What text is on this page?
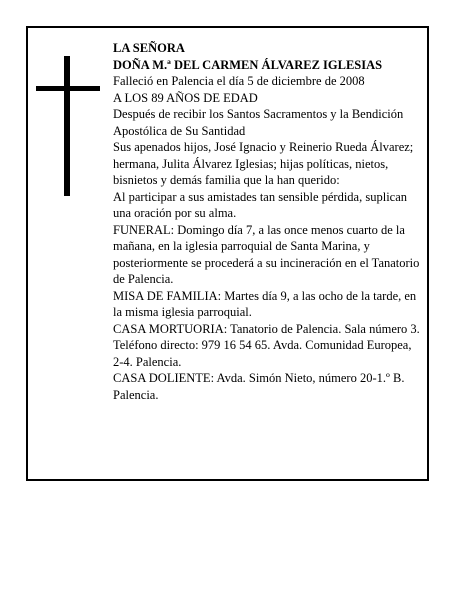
LA SEÑORA

DOÑA M.ª DEL CARMEN ÁLVAREZ IGLESIAS

Falleció en Palencia el día 5 de diciembre de 2008

A LOS 89 AÑOS DE EDAD

Después de recibir los Santos Sacramentos y la Bendición Apostólica de Su Santidad

Sus apenados hijos, José Ignacio y Reinerio Rueda Álvarez; hermana, Julita Álvarez Iglesias; hijas políticas, nietos, bisnietos y demás familia que la han querido:

Al participar a sus amistades tan sensible pérdida, suplican una oración por su alma.

FUNERAL: Domingo día 7, a las once menos cuarto de la mañana, en la iglesia parroquial de Santa Marina, y posteriormente se procederá a su incineración en el Tanatorio de Palencia.

MISA DE FAMILIA: Martes día 9, a las ocho de la tarde, en la misma iglesia parroquial.

CASA MORTUORIA: Tanatorio de Palencia. Sala número 3. Teléfono directo: 979 16 54 65. Avda. Comunidad Europea, 2-4. Palencia.

CASA DOLIENTE: Avda. Simón Nieto, número 20-1.º B. Palencia.
